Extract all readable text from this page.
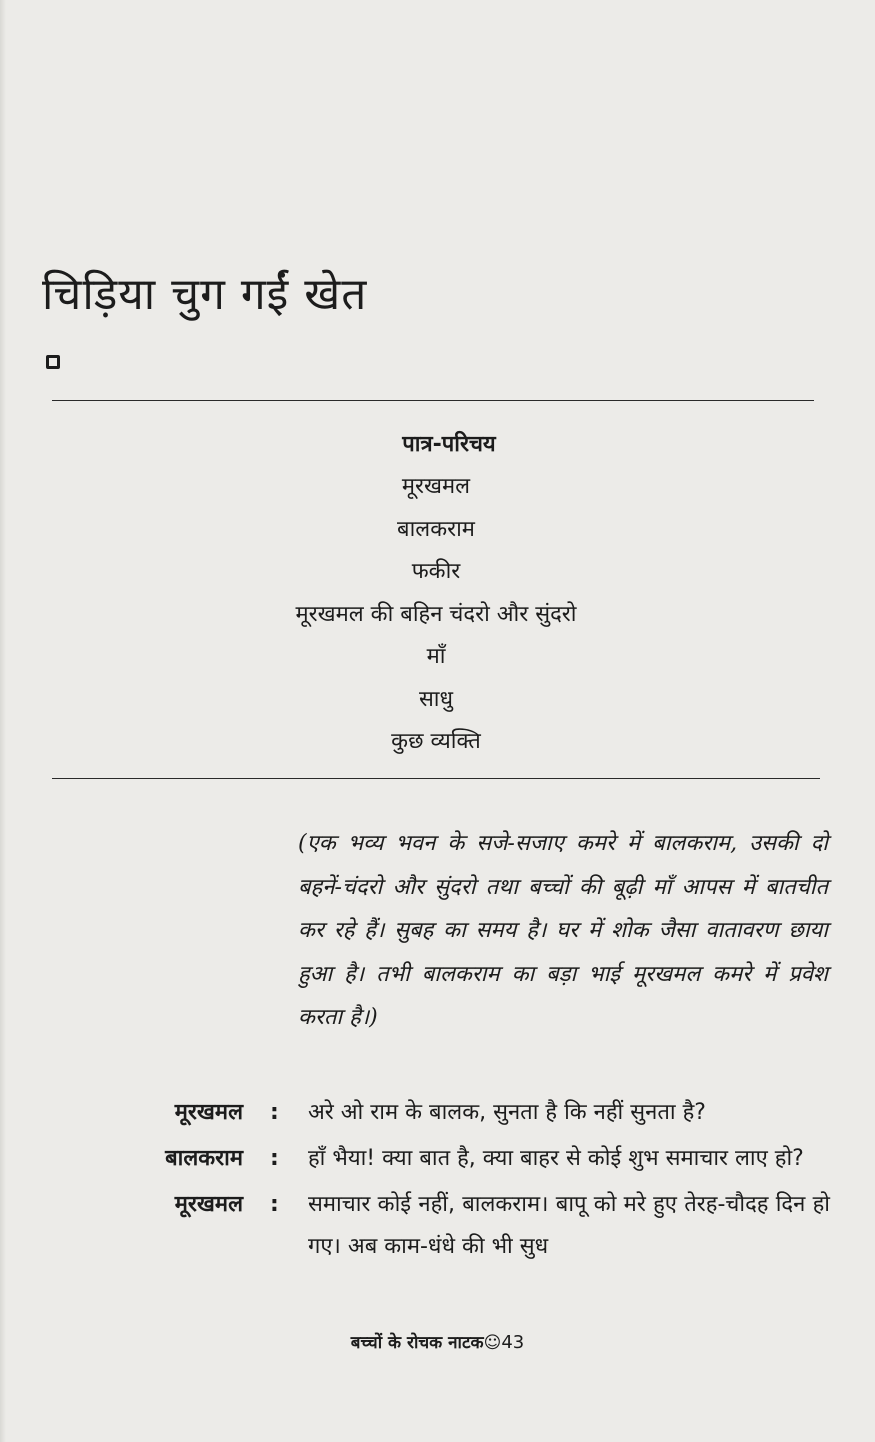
चिड़िया चुग गईं खेत
पात्र-परिचय
मूरखमल
बालकराम
फकीर
मूरखमल की बहिन चंदरो और सुंदरो
माँ
साधु
कुछ व्यक्ति

(एक भव्य भवन के सजे-सजाए कमरे में बालकराम, उसकी दो बहनें-चंदरो और सुंदरो तथा बच्चों की बूढ़ी माँ आपस में बातचीत कर रहे हैं। सुबह का समय है। घर में शोक जैसा वातावरण छाया हुआ है। तभी बालकराम का बड़ा भाई मूरखमल कमरे में प्रवेश करता है।)

मूरखमल : अरे ओ राम के बालक, सुनता है कि नहीं सुनता है?

बालकराम : हाँ भैया! क्या बात है, क्या बाहर से कोई शुभ समाचार लाए हो?

मूरखमल : समाचार कोई नहीं, बालकराम। बापू को मरे हुए तेरह-चौदह दिन हो गए। अब काम-धंधे की भी सुध

बच्चों के रोचक नाटक☺43
